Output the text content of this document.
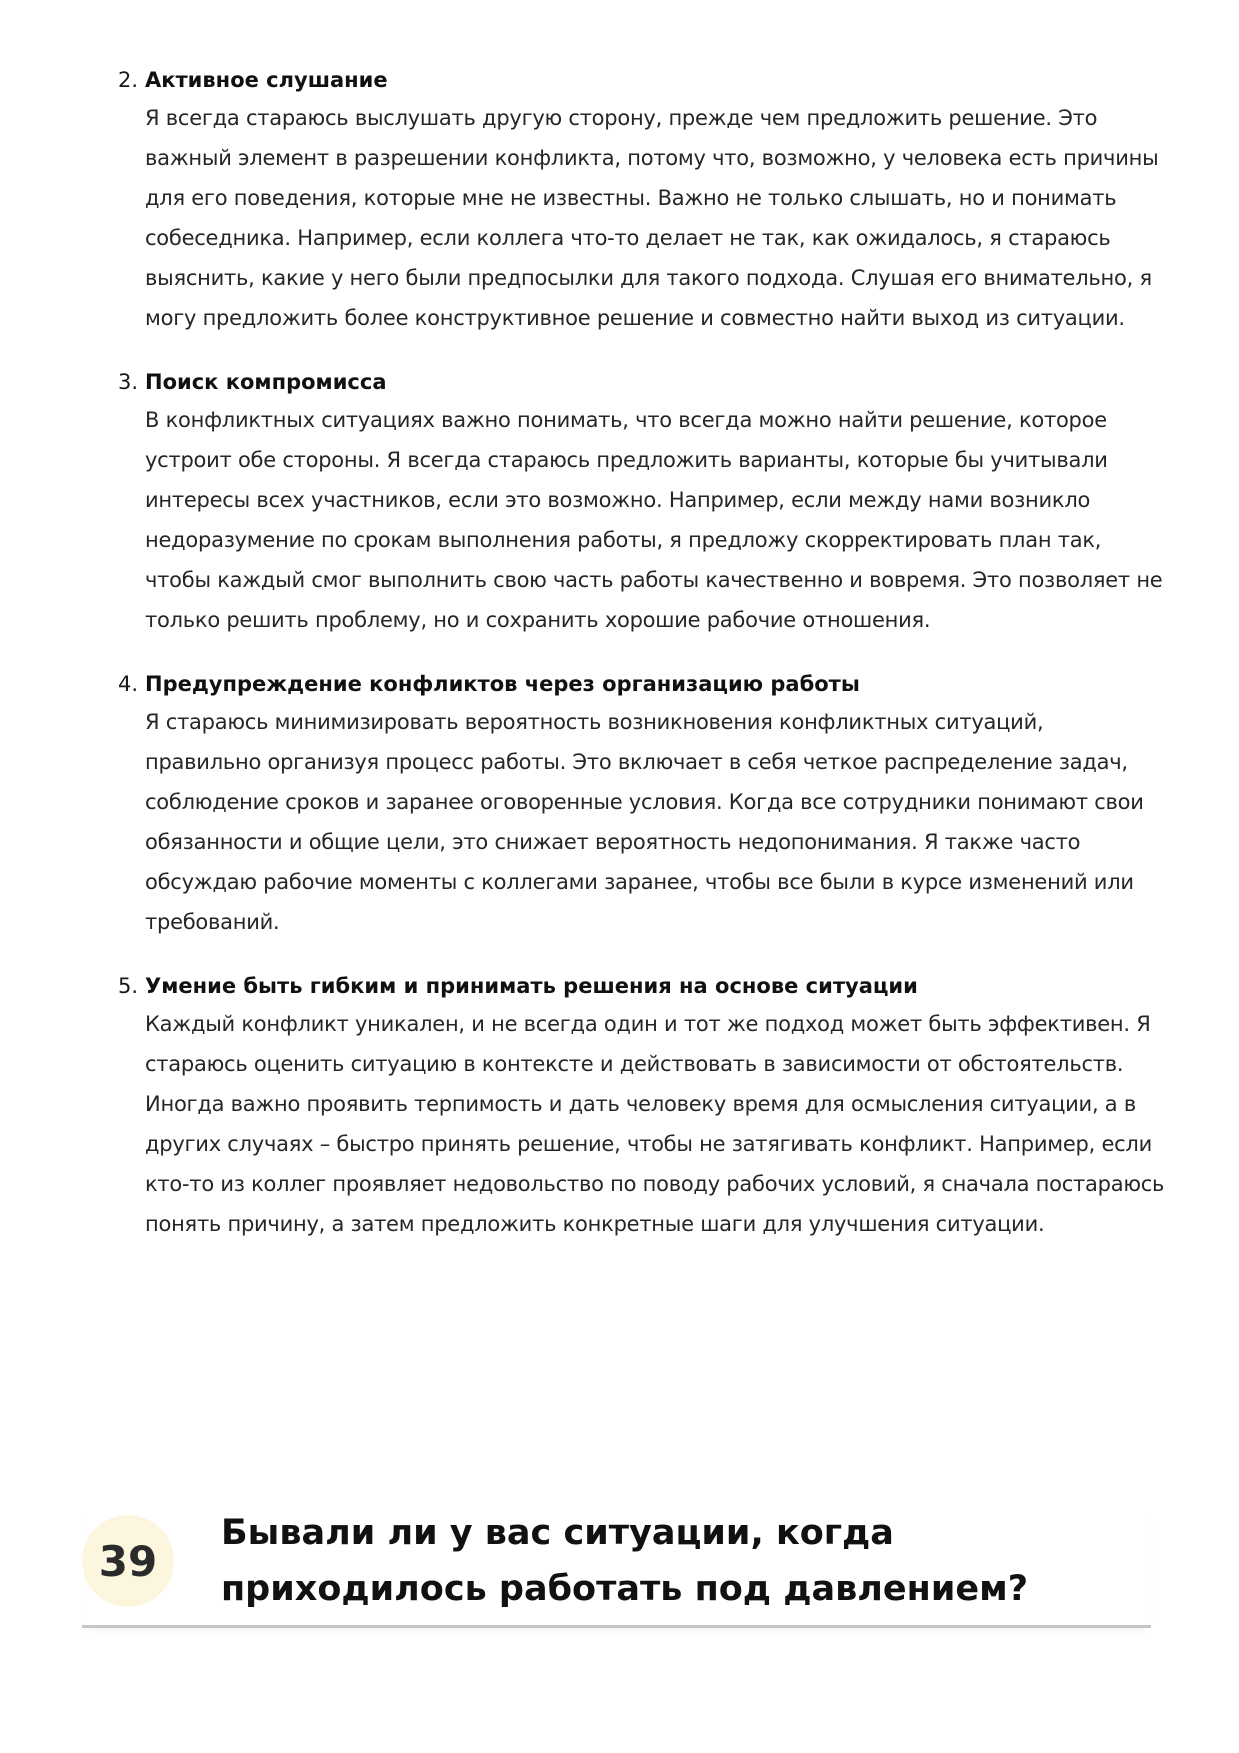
2. Активное слушание

Я всегда стараюсь выслушать другую сторону, прежде чем предложить решение. Это важный элемент в разрешении конфликта, потому что, возможно, у человека есть причины для его поведения, которые мне не известны. Важно не только слышать, но и понимать собеседника. Например, если коллега что-то делает не так, как ожидалось, я стараюсь выяснить, какие у него были предпосылки для такого подхода. Слушая его внимательно, я могу предложить более конструктивное решение и совместно найти выход из ситуации.

3. Поиск компромисса

В конфликтных ситуациях важно понимать, что всегда можно найти решение, которое устроит обе стороны. Я всегда стараюсь предложить варианты, которые бы учитывали интересы всех участников, если это возможно. Например, если между нами возникло недоразумение по срокам выполнения работы, я предложу скорректировать план так, чтобы каждый смог выполнить свою часть работы качественно и вовремя. Это позволяет не только решить проблему, но и сохранить хорошие рабочие отношения.

4. Предупреждение конфликтов через организацию работы

Я стараюсь минимизировать вероятность возникновения конфликтных ситуаций, правильно организуя процесс работы. Это включает в себя четкое распределение задач, соблюдение сроков и заранее оговоренные условия. Когда все сотрудники понимают свои обязанности и общие цели, это снижает вероятность недопонимания. Я также часто обсуждаю рабочие моменты с коллегами заранее, чтобы все были в курсе изменений или требований.

5. Умение быть гибким и принимать решения на основе ситуации

Каждый конфликт уникален, и не всегда один и тот же подход может быть эффективен. Я стараюсь оценить ситуацию в контексте и действовать в зависимости от обстоятельств. Иногда важно проявить терпимость и дать человеку время для осмысления ситуации, а в других случаях – быстро принять решение, чтобы не затягивать конфликт. Например, если кто-то из коллег проявляет недовольство по поводу рабочих условий, я сначала постараюсь понять причину, а затем предложить конкретные шаги для улучшения ситуации.

39
Бывали ли у вас ситуации, когда приходилось работать под давлением?
